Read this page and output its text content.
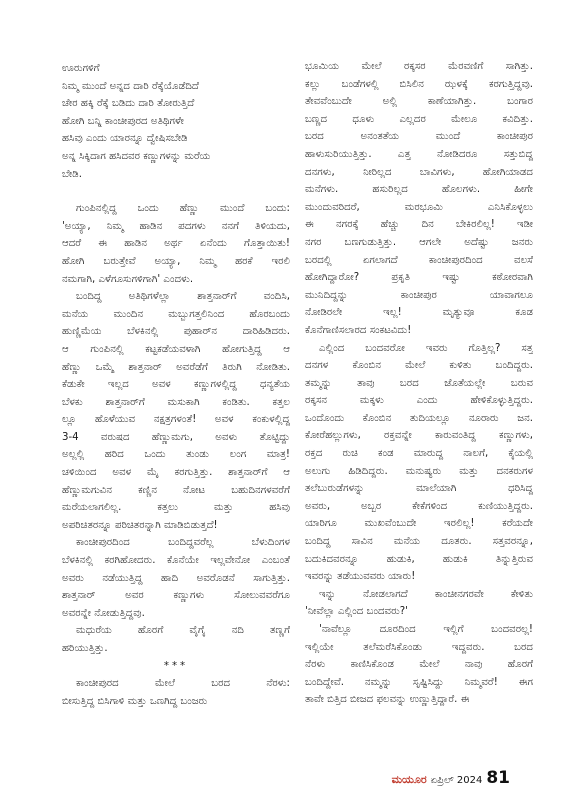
ಊರುಗಳಿಗೆ
ನಿಮ್ಮ ಮುಂದೆ ಅನ್ನದ ದಾರಿ ರೆಕ್ಕೆಯೊಡೆದಿದೆ
ಚೇರ ಹಕ್ಕಿ ರೆಕ್ಕೆ ಬಡಿದು ದಾರಿ ತೋರುತ್ತಿದೆ
ಹೋಗಿ ಬನ್ನಿ ಕಾಂಚೀಪುರದ ಅತಿಥಿಗಳೇ
ಹಸಿವು ಎಂದು ಯಾರನ್ನೂ ದ್ವೇಷಿಸಬೇಡಿ
ಅನ್ನ ಸಿಕ್ಕಿದಾಗ ಹಸಿದವರ ಕಣ್ಣುಗಳನ್ನು ಮರೆಯ
ಬೇಡಿ.
ಗುಂಪಿನಲ್ಲಿದ್ದ ಒಂದು ಹೆಣ್ಣು ಮುಂದೆ ಬಂದು:
'ಅಯ್ಯಾ, ನಿಮ್ಮ ಹಾಡಿನ ಪದಗಳು ನನಗೆ ತಿಳಿಯದು,
ಆದರೆ ಈ ಹಾಡಿನ ಅರ್ಥ ಏನೆಂದು ಗೊತ್ತಾಯಿತು!
ಹೋಗಿ ಬರುತ್ತೇವೆ ಅಯ್ಯಾ, ನಿಮ್ಮ ಹರಕೆ ಇರಲಿ
ನಮಗಾಗಿ, ಎಳೆಗೂಸುಗಳಿಗಾಗಿ' ಎಂದಳು.
ಬಂದಿದ್ದ ಅತಿಥಿಗಳೆಲ್ಲಾ ಶಾತ್ತನಾರ್‌ಗೆ ವಂದಿಸಿ,
ಮನೆಯ ಮುಂದಿನ ಮಬ್ಬುಗತ್ತಲಿನಿಂದ ಹೊರಬಂದು
ಹುಣ್ಣಿಮೆಯ ಬೆಳಕಿನಲ್ಲಿ ಪುಹಾರ್‌ನ ದಾರಿಹಿಡಿದರು.
ಆ ಗುಂಪಿನಲ್ಲಿ ಕಟ್ಟಕಡೆಯವಳಾಗಿ ಹೋಗುತ್ತಿದ್ದ ಆ
ಹೆಣ್ಣು ಒಮ್ಮೆ ಶಾತ್ತನಾರ್ ಅವರೆಡೆಗೆ ತಿರುಗಿ ನೋಡಿತು.
ಕೆಡುಕೇ ಇಲ್ಲದ ಅವಳ ಕಣ್ಣುಗಳಲ್ಲಿದ್ದ ಧನ್ಯತೆಯ
ಬೆಳಕು ಶಾತ್ತನಾರ್‌ಗೆ ಮಸುಕಾಗಿ ಕಂಡಿತು. ಕತ್ತಲ
ಲ್ಲೂ ಹೊಳೆಯುವ ನಕ್ಷತ್ರಗಳಂತೆ! ಅವಳ ಕಂಕುಳಲ್ಲಿದ್ದ
3-4 ವರುಷದ ಹೆಣ್ಣುಮಗು, ಅವಳು ತೊಟ್ಟಿದ್ದು
ಅಲ್ಲಲ್ಲಿ ಹರಿದ ಒಂದು ತುಂಡು ಲಂಗ ಮಾತ್ರ!
ಚಳಿಯಿಂದ ಅವಳ ಮೈ ಕರಗುತ್ತಿತ್ತು. ಶಾತ್ತನಾರ್‌ಗೆ ಆ
ಹೆಣ್ಣುಮಗುವಿನ ಕಣ್ಣಿನ ನೋಟ ಬಹುದಿನಗಳವರೆಗೆ
ಮರೆಯಲಾಗಲಿಲ್ಲ. ಕತ್ತಲು ಮತ್ತು ಹಸಿವು
ಅಪರಿಚಿತರನ್ನೂ ಪರಿಚಿತರನ್ನಾಗಿ ಮಾಡಿಬಿಡುತ್ತದೆ!
ಕಾಂಚೀಪುರದಿಂದ ಬಂದಿದ್ದವರೆಲ್ಲ ಬೆಳುದಿಂಗಳ
ಬೆಳಕಿನಲ್ಲಿ ಕರಗಿಹೋದರು. ಕೊನೆಯೇ ಇಲ್ಲವೇನೋ ಎಂಬಂತೆ
ಅವರು ನಡೆಯುತ್ತಿದ್ದ ಹಾದಿ ಅವರೊಡನೆ ಸಾಗುತ್ತಿತ್ತು.
ಶಾತ್ತನಾರ್ ಅವರ ಕಣ್ಣುಗಳು ಸೋಲುವವರೆಗೂ
ಅವರನ್ನೇ ನೋಡುತ್ತಿದ್ದವು.
ಮಧುರೆಯ ಹೊರಗೆ ವೈಗೈ ನದಿ ತಣ್ಣಗೆ
ಹರಿಯುತ್ತಿತ್ತು.
***
ಕಾಂಚೀಪುರದ ಮೇಲೆ ಬರದ ನೆರಳು:
ಬೀಸುತ್ತಿದ್ದ ಬಿಸಿಗಾಳಿ ಮತ್ತು ಒಣಗಿದ್ದ ಬಂಜರು
ಭೂಮಿಯ ಮೇಲೆ ರಕ್ಕಸರ ಮೆರವಣಿಗೆ ಸಾಗಿತ್ತು.
ಕಲ್ಲು ಬಂಡೆಗಳಲ್ಲಿ ಬಿಸಿಲಿನ ಝಳಕ್ಕೆ ಕರಗುತ್ತಿದ್ದವು.
ತೇವವೆಂಬುದೇ ಅಲ್ಲಿ ಕಾಣೆಯಾಗಿತ್ತು. ಬಂಗಾರ
ಬಣ್ಣದ ಧೂಳು ಎಲ್ಲದರ ಮೇಲೂ ಕವಿದಿತ್ತು.
ಬರದ ಅನಂತತೆಯ ಮುಂದೆ ಕಾಂಚೀಪುರ
ಹಾಳುಸುರಿಯುತ್ತಿತ್ತು. ಎತ್ತ ನೋಡಿದರೂ ಸತ್ತುಬಿದ್ದ
ದನಗಳು, ನೀರಿಲ್ಲದ ಬಾವಿಗಳು, ಹೋಗಿಯಾಡದ
ಮನೆಗಳು. ಹಸುರಿಲ್ಲದ ಹೊಲಗಳು. ಹೀಗೇ
ಮುಂದುವರಿದರೆ, ಮರಭೂಮಿ ಎನಿಸಿಕೊಳ್ಳಲು
ಈ ನಗರಕ್ಕೆ ಹೆಚ್ಚು ದಿನ ಬೇಕಿರಲಿಲ್ಲ! ಇಡೀ
ನಗರ ಬಣಗುಡುತ್ತಿತ್ತು. ಆಗಲೇ ಅದೆಷ್ಟು ಜನರು
ಬರದಲ್ಲಿ ಏಗಲಾಗದೆ ಕಾಂಚೀಪುರದಿಂದ ವಲಸೆ
ಹೋಗಿದ್ದಾರೋ? ಪ್ರಕೃತಿ ಇಷ್ಟು ಕಠೋರವಾಗಿ
ಮುನಿದಿದ್ದನ್ನು ಕಾಂಚೀಪುರ ಯಾವಾಗಲೂ
ನೋಡಿರಲೇ ಇಲ್ಲ! ಮೃತ್ಯುವೂ ಕೂಡ
ಕೊನೆಗಾಣಿಸಲಾರದ ಸಂಕಟವಿದು!
ಎಲ್ಲಿಂದ ಬಂದವರೋ ಇವರು ಗೊತ್ತಿಲ್ಲ? ಸತ್ತ
ದನಗಳ ಕೊಂಬಿನ ಮೇಲೆ ಕುಳಿತು ಬಂದಿದ್ದರು.
ತಮ್ಮನ್ನು ತಾವು ಬರದ ಜೊತೆಯಲ್ಲೇ ಬರುವ
ರಕ್ಕಸನ ಮಕ್ಕಳು ಎಂದು ಹೇಳಿಕೊಳ್ಳುತ್ತಿದ್ದರು.
ಒಂದೊಂದು ಕೊಂಬಿನ ತುದಿಯಲ್ಲೂ ನೂರಾರು ಜನ.
ಕೋರೆಹಲ್ಲುಗಳು, ರಕ್ತವನ್ನೇ ಕಾರುವಂತಿದ್ದ ಕಣ್ಣುಗಳು,
ರಕ್ತದ ರುಚಿ ಕಂಡ ಮಾರುದ್ದ ನಾಲಗೆ, ಕೈಯಲ್ಲಿ
ಅಲುಗು ಹಿಡಿದಿದ್ದರು. ಮನುಷ್ಯರು ಮತ್ತು ದನಕರುಗಳ
ತಲೆಬುರುಡೆಗಳನ್ನು ಮಾಲೆಯಾಗಿ ಧರಿಸಿದ್ದ
ಅವರು, ಅಬ್ಬರ ಕೇಕೆಗಳಿಂದ ಕುಣಿಯುತ್ತಿದ್ದರು.
ಯಾರಿಗೂ ಮುಖವೆಂಬುದೇ ಇರಲಿಲ್ಲ! ಕರೆಯದೇ
ಬಂದಿದ್ದ ಸಾವಿನ ಮನೆಯ ದೂತರು. ಸತ್ತವರನ್ನೂ,
ಬದುಕಿದವರನ್ನೂ ಹುಡುಕಿ, ಹುಡುಕಿ ತಿನ್ನುತ್ತಿರುವ
ಇವರನ್ನು ತಡೆಯುವವರು ಯಾರು!
ಇನ್ನು ನೋಡಲಾಗದೆ ಕಾಂಚೀನಗರವೇ ಕೇಳಿತು
'ನೀವೆಲ್ಲಾ ಎಲ್ಲಿಂದ ಬಂದವರು?'
'ನಾವೆಲ್ಲೂ ದೂರದಿಂದ ಇಲ್ಲಿಗೆ ಬಂದವರಲ್ಲ!
ಇಲ್ಲಿಯೇ ತಲೆಮರೆಸಿಕೊಂಡು ಇದ್ದವರು. ಬರದ
ನೆರಳು ಕಾಣಿಸಿಕೊಂಡ ಮೇಲೆ ನಾವು ಹೊರಗೆ
ಬಂದಿದ್ದೇವೆ. ನಮ್ಮನ್ನು ಸೃಷ್ಟಿಸಿದ್ದು ನಿಮ್ಮವರೆ! ಈಗ
ತಾವೇ ಬಿತ್ತಿದ ಬೀಜದ ಫಲವನ್ನು ಉಣ್ಣುತ್ತಿದ್ದಾರೆ. ಈ
ಮಯೂರ ಏಪ್ರಿಲ್ 2024 81
